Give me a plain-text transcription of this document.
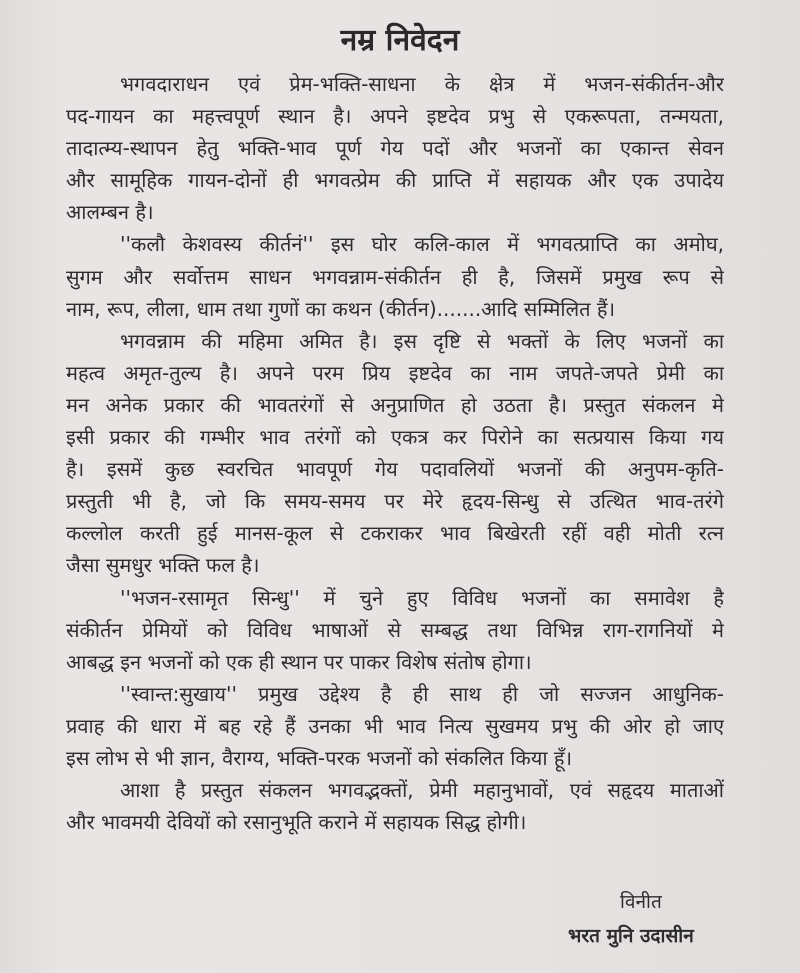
नम्र निवेदन
भगवदाराधन एवं प्रेम-भक्ति-साधना के क्षेत्र में भजन-संकीर्तन-और
पद-गायन का महत्त्वपूर्ण स्थान है। अपने इष्टदेव प्रभु से एकरूपता, तन्मयता,
तादात्म्य-स्थापन हेतु भक्ति-भाव पूर्ण गेय पदों और भजनों का एकान्त सेवन
और सामूहिक गायन-दोनों ही भगवत्प्रेम की प्राप्ति में सहायक और एक उपादेय
आलम्बन है।
''कलौ केशवस्य कीर्तनं'' इस घोर कलि-काल में भगवत्प्राप्ति का अमोघ,
सुगम और सर्वोत्तम साधन भगवन्नाम-संकीर्तन ही है, जिसमें प्रमुख रूप से
नाम, रूप, लीला, धाम तथा गुणों का कथन (कीर्तन).......आदि सम्मिलित हैं।
भगवन्नाम की महिमा अमित है। इस दृष्टि से भक्तों के लिए भजनों का
महत्व अमृत-तुल्य है। अपने परम प्रिय इष्टदेव का नाम जपते-जपते प्रेमी का
मन अनेक प्रकार की भावतरंगों से अनुप्राणित हो उठता है। प्रस्तुत संकलन मे
इसी प्रकार की गम्भीर भाव तरंगों को एकत्र कर पिरोने का सत्प्रयास किया गय
है। इसमें कुछ स्वरचित भावपूर्ण गेय पदावलियों भजनों की अनुपम-कृति-
प्रस्तुती भी है, जो कि समय-समय पर मेरे हृदय-सिन्धु से उत्थित भाव-तरंगे
कल्लोल करती हुई मानस-कूल से टकराकर भाव बिखेरती रहीं वही मोती रत्न
जैसा सुमधुर भक्ति फल है।
''भजन-रसामृत सिन्धु'' में चुने हुए विविध भजनों का समावेश है
संकीर्तन प्रेमियों को विविध भाषाओं से सम्बद्ध तथा विभिन्न राग-रागनियों मे
आबद्ध इन भजनों को एक ही स्थान पर पाकर विशेष संतोष होगा।
''स्वान्त:सुखाय'' प्रमुख उद्देश्य है ही साथ ही जो सज्जन आधुनिक-
प्रवाह की धारा में बह रहे हैं उनका भी भाव नित्य सुखमय प्रभु की ओर हो जाए
इस लोभ से भी ज्ञान, वैराग्य, भक्ति-परक भजनों को संकलित किया हूँ।
आशा है प्रस्तुत संकलन भगवद्भक्तों, प्रेमी महानुभावों, एवं सहृदय माताओं
और भावमयी देवियों को रसानुभूति कराने में सहायक सिद्ध होगी।
विनीत
भरत मुनि उदासीन
